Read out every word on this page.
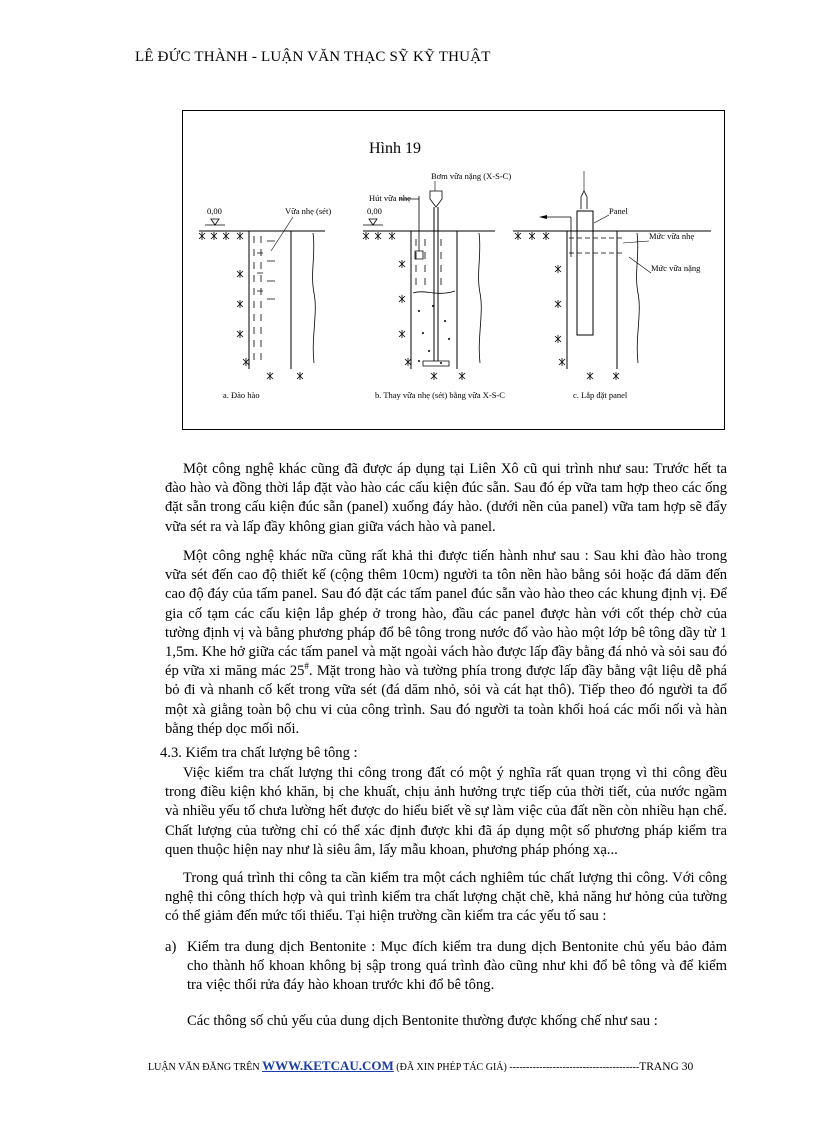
LÊ ĐỨC THÀNH - LUẬN VĂN THẠC SỸ KỸ THUẬT
Hình 19
0,00	Vữa nhẹ (sét)
a. Đào hào
Bơm vữa nặng (X-S-C)
Hút vữa nhẹ
0,00
b. Thay vữa nhẹ (sét) bằng vữa X-S-C
Panel
Mức vữa nhẹ
Mức vữa nặng
c. Lắp đặt panel

Một công nghệ khác cũng đã được áp dụng tại Liên Xô cũ qui trình như sau: Trước hết ta đào hào và đồng thời lắp đặt vào hào các cấu kiện đúc sẵn. Sau đó ép vữa tam hợp theo các ống đặt sẵn trong cấu kiện đúc sẵn (panel) xuống đáy hào. (dưới nền của panel) vữa tam hợp sẽ đẩy vữa sét ra và lấp đầy không gian giữa vách hào và panel.

Một công nghệ khác nữa cũng rất khả thi được tiến hành như sau : Sau khi đào hào trong vữa sét đến cao độ thiết kế (cộng thêm 10cm) người ta tôn nền hào bằng sỏi hoặc đá dăm đến cao độ đáy của tấm panel. Sau đó đặt các tấm panel đúc sẵn vào hào theo các khung định vị. Để gia cố tạm các cấu kiện lắp ghép ở trong hào, đầu các panel được hàn với cốt thép chờ của tường định vị và bằng phương pháp đổ bê tông trong nước đổ vào hào một lớp bê tông dầy từ 1 1,5m. Khe hở giữa các tấm panel và mặt ngoài vách hào được lấp đầy bằng đá nhỏ và sỏi sau đó ép vữa xi măng mác 25#. Mặt trong hào và tường phía trong được lấp đầy bằng vật liệu dễ phá bỏ đi và nhanh cố kết trong vữa sét (đá dăm nhỏ, sỏi và cát hạt thô). Tiếp theo đó người ta đổ một xà giằng toàn bộ chu vi của công trình. Sau đó người ta toàn khối hoá các mối nối và hàn bằng thép dọc mối nối.

4.3. Kiểm tra chất lượng bê tông :

Việc kiểm tra chất lượng thi công trong đất có một ý nghĩa rất quan trọng vì thi công đều trong điều kiện khó khăn, bị che khuất, chịu ảnh hưởng trực tiếp của thời tiết, của nước ngầm và nhiều yếu tố chưa lường hết được do hiểu biết về sự làm việc của đất nền còn nhiều hạn chế. Chất lượng của tường chỉ có thể xác định được khi đã áp dụng một số phương pháp kiểm tra quen thuộc hiện nay như là siêu âm, lấy mẫu khoan, phương pháp phóng xạ...

Trong quá trình thi công ta cần kiểm tra một cách nghiêm túc chất lượng thi công. Với công nghệ thi công thích hợp và qui trình kiểm tra chất lượng chặt chẽ, khả năng hư hỏng của tường có thể giảm đến mức tối thiểu. Tại hiện trường cần kiểm tra các yếu tố sau :

a) Kiểm tra dung dịch Bentonite : Mục đích kiểm tra dung dịch Bentonite chủ yếu bảo đảm cho thành hố khoan không bị sập trong quá trình đào cũng như khi đổ bê tông và để kiểm tra việc thổi rửa đáy hào khoan trước khi đổ bê tông.
Các thông số chủ yếu của dung dịch Bentonite thường được khống chế như sau :
LUẬN VĂN ĐĂNG TRÊN WWW.KETCAU.COM (ĐÃ XIN PHÉP TÁC GIẢ) ---------------------------------------TRANG 30
